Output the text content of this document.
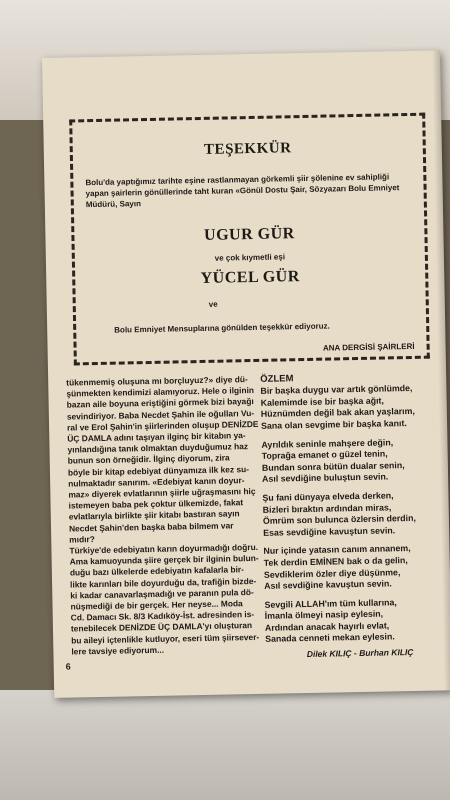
TEŞEKKÜR
Bolu'da yaptığımız tarihte eşine rastlanmayan görkemli şiir şölenine ev sahipliği yapan şairlerin gönüllerinde taht kuran «Gönül Dostu Şair, Sözyazarı Bolu Emniyet Müdürü, Sayın
UGUR GÜR
ve çok kıymetli eşi
YÜCEL GÜR
ve
Bolu Emniyet Mensuplarına gönülden teşekkür ediyoruz.
ANA DERGİSİ ŞAİRLERİ

tükenmemiş oluşuna mı borçluyuz?» diye dü-

şünmekten kendimizi alamıyoruz. Hele o ilginin

bazan aile boyuna eriştiğini görmek bizi bayağı

sevindiriyor. Baba Necdet Şahin ile oğulları Vu-

ral ve Erol Şahin'in şiirlerinden oluşup DENİZDE

ÜÇ DAMLA adını taşıyan ilginç bir kitabın ya-

yınlandığına tanık olmaktan duyduğumuz haz

bunun son örneğidir. İlginç diyorum, zira

böyle bir kitap edebiyat dünyamıza ilk kez su-

nulmaktadır sanırım. «Edebiyat kanın doyur-

maz» diyerek evlatlarının şiirle uğraşmasını hiç

istemeyen baba pek çoktur ülkemizde, fakat

evlatlarıyla birlikte şiir kitabı bastıran sayın

Necdet Şahin'den başka baba bilmem var mıdır?

Türkiye'de edebiyatın karın doyurmadığı doğru.

Ama kamuoyunda şiire gerçek bir ilginin bulun-

duğu bazı ülkelerde edebiyatın kafalarla bir-

likte karınları bile doyurduğu da, trafiğin bizde-

ki kadar canavarlaşmadığı ve paranın pula dö-

nüşmediği de bir gerçek. Her neyse... Moda

Cd. Damacı Sk. 8/3 Kadıköy-İst. adresinden is-

tenebilecek DENİZDE ÜÇ DAMLA'yı oluşturan

bu aileyi içtenlikle kutluyor, eseri tüm şiirsever-

lere tavsiye ediyorum...

6
ÖZLEM

Bir başka duygu var artık gönlümde,

Kalemimde ise bir başka ağıt,

Hüznümden değil bak akan yaşlarım,

Sana olan sevgime bir başka kanıt.

Ayrıldık seninle mahşere değin,

Toprağa emanet o güzel tenin,

Bundan sonra bütün dualar senin,

Asıl sevdiğine buluştun sevin.

Şu fani dünyaya elveda derken,

Bizleri bıraktın ardından miras,

Ömrüm son bulunca özlersin derdin,

Esas sevdiğine kavuştun sevin.

Nur içinde yatasın canım annanem,

Tek derdin EMİNEN bak o da gelin,

Sevdiklerim özler diye düşünme,

Asıl sevdiğine kavuştun sevin.

Sevgili ALLAH'ım tüm kullarına,

İmanla ölmeyi nasip eylesin,

Ardından anacak hayırlı evlat,

Sanada cenneti mekan eylesin.

Dilek KILIÇ - Burhan KILIÇ
